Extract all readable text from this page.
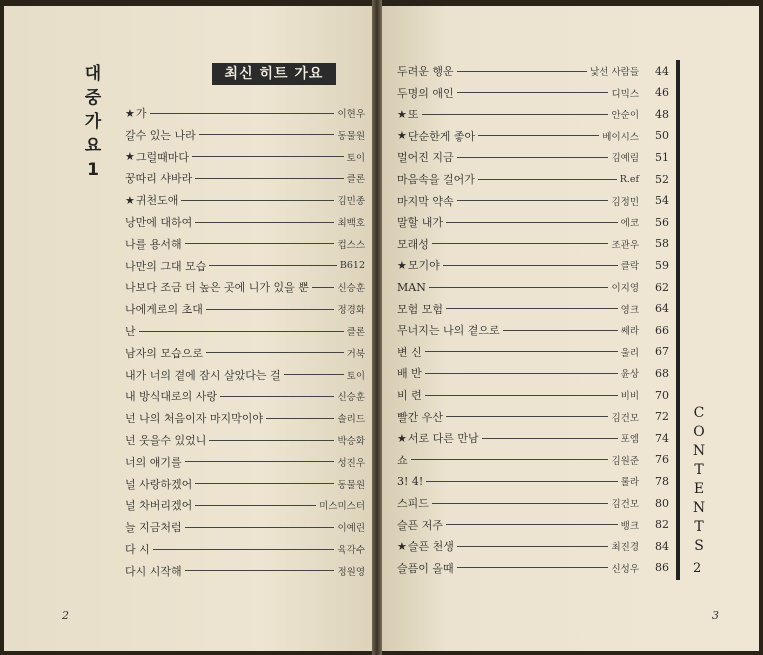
대
중
가
요
1
최신 히트 가요
★ 가	이현우
갈수 있는 나라	동물원
★ 그럴때마다	토이
꿍따리 샤바라	클론
★ 귀천도애	김민종
낭만에 대하여	최백호
나를 용서해	컵스스
나만의 그대 모습	B612
나보다 조금 더 높은 곳에 니가 있을 뿐	신승훈
나에게로의 초대	정경화
난	클론
남자의 모습으로	거북
내가 너의 곁에 잠시 살았다는 걸	토이
내 방식대로의 사랑	신승훈
넌 나의 처음이자 마지막이야	솔리드
넌 웃을수 있었니	박승화
너의 얘기를	성진우
널 사랑하겠어	동물원
널 차버리겠어	미스미스터
늘 지금처럼	이예린
다 시	육각수
다시 시작해	정원영
2
두려운 행운	낯선 사람들	44
두명의 애인	디믹스	46
★ 또	안순이	48
★ 단순한게 좋아	베이시스	50
멀어진 지금	김예림	51
마음속을 걸어가	R.ef	52
마지막 약속	김정민	54
말할 내가	에코	56
모래성	조관우	58
★ 모기야	클락	59
MAN	이지영	62
모험 모험	영크	64
무너지는 나의 곁으로	쎄라	66
변 신	울리	67
배 반	윤상	68
비 련	비비	70
빨간 우산	김건모	72
★ 서로 다른 만남	포엠	74
쇼	김원준	76
3! 4!	룰라	78
스피드	김건모	80
슬픈 저주	뱅크	82
★ 슬픈 천생	최진경	84
슬픔이 올때	신성우	86
C
O
N
T
E
N
T
S
2
3
